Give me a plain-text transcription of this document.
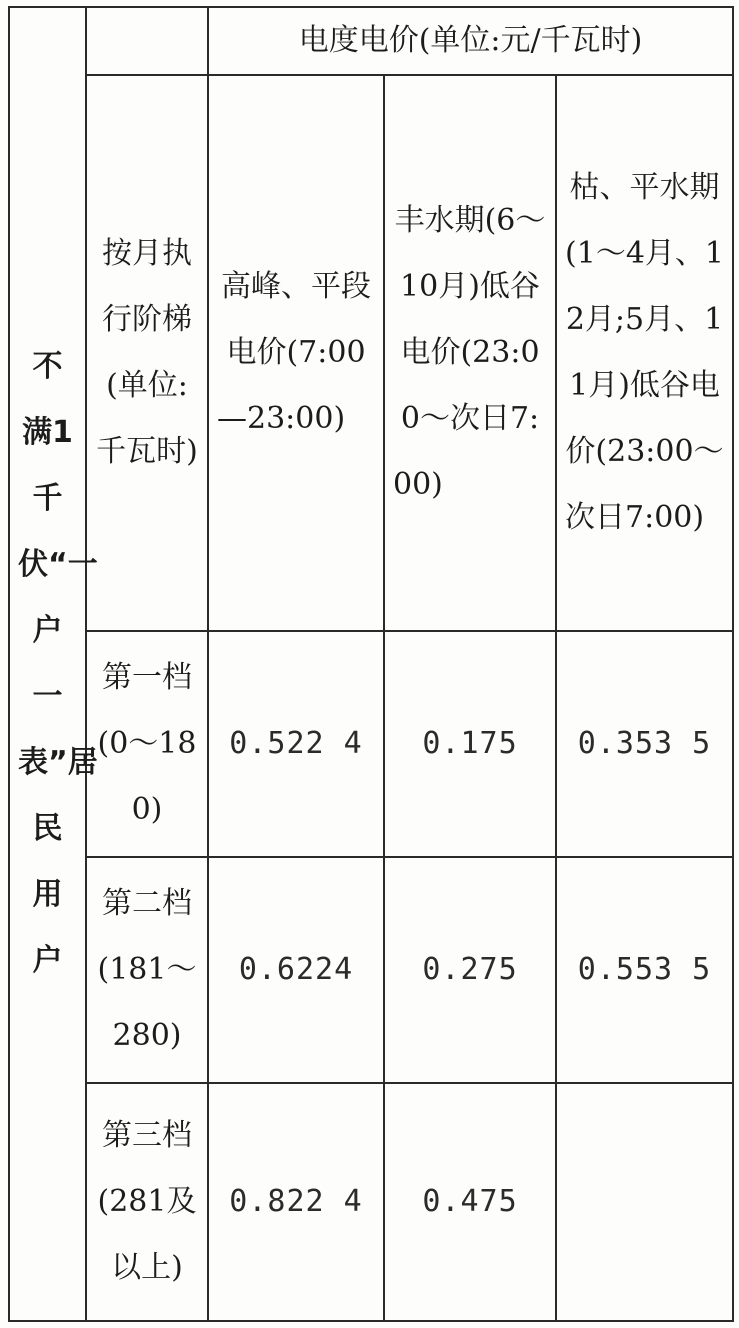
不满1千伏“一户一表”居民用户		电度电价(单位:元/千瓦时)		

	按月执行阶梯(单位:千瓦时)	高峰、平段电价(7:00—23:00)	丰水期(6～10月)低谷电价(23:00～次日7:00)	枯、平水期(1～4月、12月;5月、11月)低谷电价(23:00～次日7:00)

	第一档(0～180)	0.522 4	0.175	0.353 5

	第二档(181～280)	0.6224	0.275	0.553 5

	第三档(281及以上)	0.822 4	0.475	
